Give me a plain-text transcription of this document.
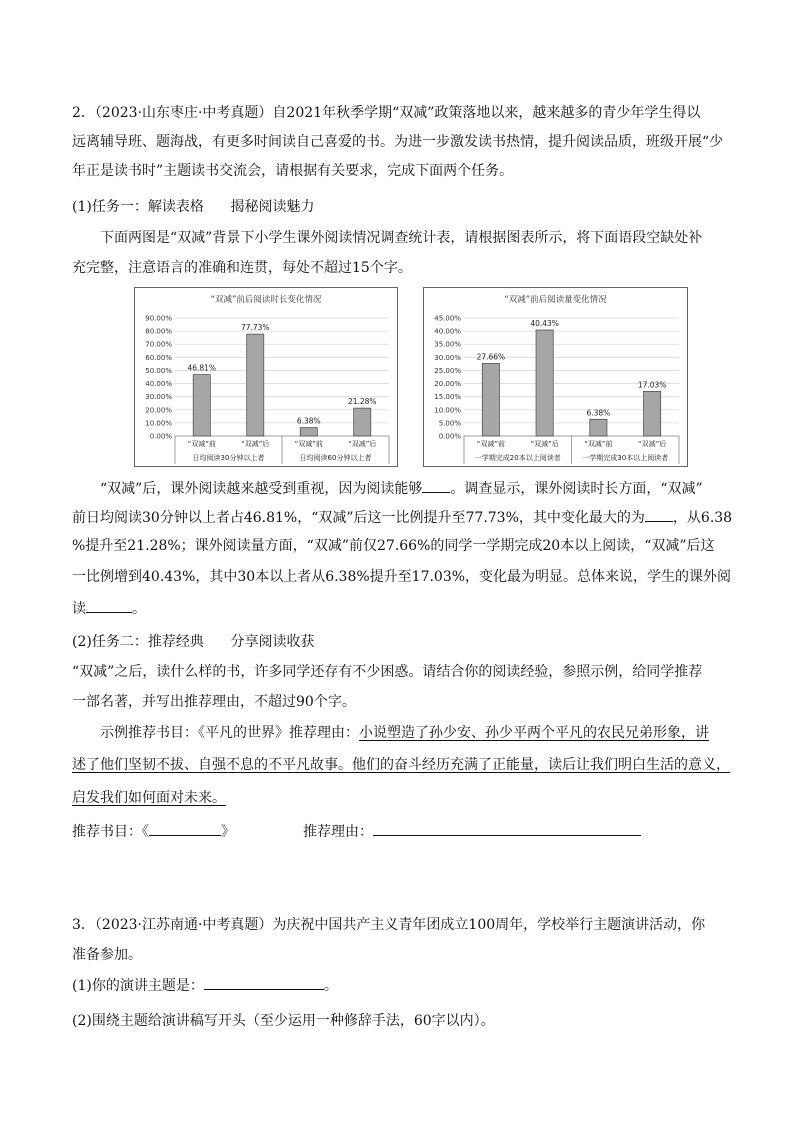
2．（2023·山东枣庄·中考真题）自2021年秋季学期“双减”政策落地以来，越来越多的青少年学生得以
远离辅导班、题海战，有更多时间读自己喜爱的书。为进一步激发读书热情，提升阅读品质，班级开展“少
年正是读书时”主题读书交流会，请根据有关要求，完成下面两个任务。
(1)任务一：解读表格      揭秘阅读魅力
下面两图是“双减”背景下小学生课外阅读情况调查统计表，请根据图表所示，将下面语段空缺处补
充完整，注意语言的准确和连贯，每处不超过15个字。
“双减”前后阅读时长变化情况
0.00%
10.00%
20.00%
30.00%
40.00%
50.00%
60.00%
70.00%
80.00%
90.00%
46.81%
“双减”前
77.73%
“双减”后
6.38%
“双减”前
21.28%
“双减”后
日均阅读30分钟以上者	日均阅读60分钟以上者
“双减”前后阅读量变化情况
0.00%
5.00%
10.00%
15.00%
20.00%
25.00%
30.00%
35.00%
40.00%
45.00%
27.66%
“双减”前
40.43%
“双减”后
6.38%
“双减”前
17.03%
“双减”后
一学期完成20本以上阅读者	一学期完成30本以上阅读者
“双减”后，课外阅读越来越受到重视，因为阅读能够 。调查显示，课外阅读时长方面，“双减”
前日均阅读30分钟以上者占46.81%，“双减”后这一比例提升至77.73%，其中变化最大的为 ，从6.38
%提升至21.28%；课外阅读量方面，“双减”前仅27.66%的同学一学期完成20本以上阅读，“双减”后这
一比例增到40.43%，其中30本以上者从6.38%提升至17.03%，变化最为明显。总体来说，学生的课外阅
读	。
(2)任务二：推荐经典      分享阅读收获
“双减”之后，读什么样的书，许多同学还存有不少困惑。请结合你的阅读经验，参照示例，给同学推荐
一部名著，并写出推荐理由，不超过90个字。
示例推荐书目：《平凡的世界》推荐理由：小说塑造了孙少安、孙少平两个平凡的农民兄弟形象，讲
述了他们坚韧不拔、自强不息的不平凡故事。他们的奋斗经历充满了正能量，读后让我们明白生活的意义，
启发我们如何面对未来。
推荐书目：《	》	推荐理由：
3．（2023·江苏南通·中考真题）为庆祝中国共产主义青年团成立100周年，学校举行主题演讲活动，你
准备参加。
(1)你的演讲主题是：	。
(2)围绕主题给演讲稿写开头（至少运用一种修辞手法，60字以内）。
